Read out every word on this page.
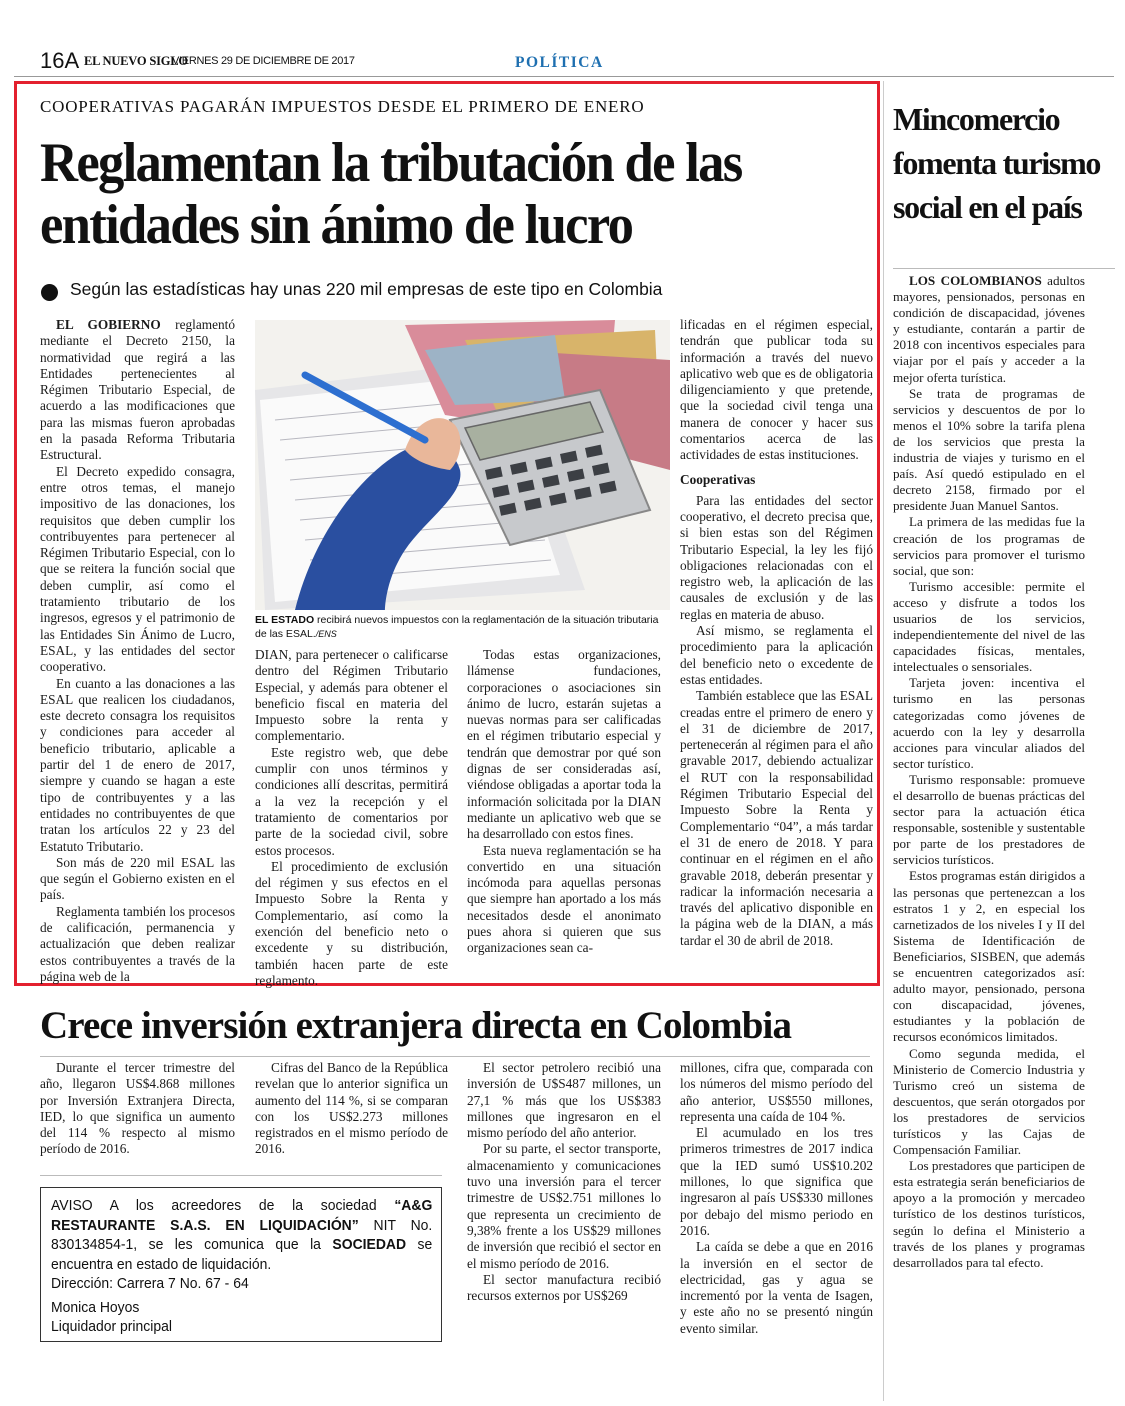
16A EL NUEVO SIGLO
VIERNES 29 DE DICIEMBRE DE 2017	POLÍTICA
COOPERATIVAS PAGARÁN IMPUESTOS DESDE EL PRIMERO DE ENERO
Reglamentan la tributación de las entidades sin ánimo de lucro
Según las estadísticas hay unas 220 mil empresas de este tipo en Colombia

EL GOBIERNO reglamentó mediante el Decreto 2150, la normatividad que regirá a las Entidades pertenecientes al Régimen Tributario Especial, de acuerdo a las modificaciones que para las mismas fueron aprobadas en la pasada Reforma Tributaria Estructural.

El Decreto expedido consagra, entre otros temas, el manejo impositivo de las donaciones, los requisitos que deben cumplir los contribuyentes para pertenecer al Régimen Tributario Especial, con lo que se reitera la función social que deben cumplir, así como el tratamiento tributario de los ingresos, egresos y el patrimonio de las Entidades Sin Ánimo de Lucro, ESAL, y las entidades del sector cooperativo.

En cuanto a las donaciones a las ESAL que realicen los ciudadanos, este decreto consagra los requisitos y condiciones para acceder al beneficio tributario, aplicable a partir del 1 de enero de 2017, siempre y cuando se hagan a este tipo de contribuyentes y a las entidades no contribuyentes de que tratan los artículos 22 y 23 del Estatuto Tributario.

Son más de 220 mil ESAL las que según el Gobierno existen en el país.

Reglamenta también los procesos de calificación, permanencia y actualización que deben realizar estos contribuyentes a través de la página web de la

EL ESTADO recibirá nuevos impuestos con la reglamentación de la situación tributaria de las ESAL./ENS

DIAN, para pertenecer o calificarse dentro del Régimen Tributario Especial, y además para obtener el beneficio fiscal en materia del Impuesto sobre la renta y complementario.

Este registro web, que debe cumplir con unos términos y condiciones allí descritas, permitirá a la vez la recepción y el tratamiento de comentarios por parte de la sociedad civil, sobre estos procesos.

El procedimiento de exclusión del régimen y sus efectos en el Impuesto Sobre la Renta y Complementario, así como la exención del beneficio neto o excedente y su distribución, también hacen parte de este reglamento.

Todas estas organizaciones, llámense fundaciones, corporaciones o asociaciones sin ánimo de lucro, estarán sujetas a nuevas normas para ser calificadas en el régimen tributario especial y tendrán que demostrar por qué son dignas de ser consideradas así, viéndose obligadas a aportar toda la información solicitada por la DIAN mediante un aplicativo web que se ha desarrollado con estos fines.

Esta nueva reglamentación se ha convertido en una situación incómoda para aquellas personas que siempre han aportado a los más necesitados desde el anonimato pues ahora si quieren que sus organizaciones sean ca-

lificadas en el régimen especial, tendrán que publicar toda su información a través del nuevo aplicativo web que es de obligatoria diligenciamiento y que pretende, que la sociedad civil tenga una manera de conocer y hacer sus comentarios acerca de las actividades de estas instituciones.

Cooperativas

Para las entidades del sector cooperativo, el decreto precisa que, si bien estas son del Régimen Tributario Especial, la ley les fijó obligaciones relacionadas con el registro web, la aplicación de las causales de exclusión y de las reglas en materia de abuso.

Así mismo, se reglamenta el procedimiento para la aplicación del beneficio neto o excedente de estas entidades.

También establece que las ESAL creadas entre el primero de enero y el 31 de diciembre de 2017, pertenecerán al régimen para el año gravable 2017, debiendo actualizar el RUT con la responsabilidad Régimen Tributario Especial del Impuesto Sobre la Renta y Complementario “04”, a más tardar el 31 de enero de 2018. Y para continuar en el régimen en el año gravable 2018, deberán presentar y radicar la información necesaria a través del aplicativo disponible en la página web de la DIAN, a más tardar el 30 de abril de 2018.

Mincomercio fomenta turismo social en el país

LOS COLOMBIANOS adultos mayores, pensionados, personas en condición de discapacidad, jóvenes y estudiante, contarán a partir de 2018 con incentivos especiales para viajar por el país y acceder a la mejor oferta turística.

Se trata de programas de servicios y descuentos de por lo menos el 10% sobre la tarifa plena de los servicios que presta la industria de viajes y turismo en el país. Así quedó estipulado en el decreto 2158, firmado por el presidente Juan Manuel Santos.

La primera de las medidas fue la creación de los programas de servicios para promover el turismo social, que son:

Turismo accesible: permite el acceso y disfrute a todos los usuarios de los servicios, independientemente del nivel de las capacidades físicas, mentales, intelectuales o sensoriales.

Tarjeta joven: incentiva el turismo en las personas categorizadas como jóvenes de acuerdo con la ley y desarrolla acciones para vincular aliados del sector turístico.

Turismo responsable: promueve el desarrollo de buenas prácticas del sector para la actuación ética responsable, sostenible y sustentable por parte de los prestadores de servicios turísticos.

Estos programas están dirigidos a las personas que pertenezcan a los estratos 1 y 2, en especial los carnetizados de los niveles I y II del Sistema de Identificación de Beneficiarios, SISBEN, que además se encuentren categorizados así: adulto mayor, pensionado, persona con discapacidad, jóvenes, estudiantes y la población de recursos económicos limitados.

Como segunda medida, el Ministerio de Comercio Industria y Turismo creó un sistema de descuentos, que serán otorgados por los prestadores de servicios turísticos y las Cajas de Compensación Familiar.

Los prestadores que participen de esta estrategia serán beneficiarios de apoyo a la promoción y mercadeo turístico de los destinos turísticos, según lo defina el Ministerio a través de los planes y programas desarrollados para tal efecto.

Crece inversión extranjera directa en Colombia

Durante el tercer trimestre del año, llegaron US$4.868 millones por Inversión Extranjera Directa, IED, lo que significa un aumento del 114 % respecto al mismo período de 2016.

Cifras del Banco de la República revelan que lo anterior significa un aumento del 114 %, si se comparan con los US$2.273 millones registrados en el mismo período de 2016.

El sector petrolero recibió una inversión de U$S487 millones, un 27,1 % más que los US$383 millones que ingresaron en el mismo período del año anterior.

Por su parte, el sector transporte, almacenamiento y comunicaciones tuvo una inversión para el tercer trimestre de US$2.751 millones lo que representa un crecimiento de 9,38% frente a los US$29 millones de inversión que recibió el sector en el mismo período de 2016.

El sector manufactura recibió recursos externos por US$269

millones, cifra que, comparada con los números del mismo período del año anterior, US$550 millones, representa una caída de 104 %.

El acumulado en los tres primeros trimestres de 2017 indica que la IED sumó US$10.202 millones, lo que significa que ingresaron al país US$330 millones por debajo del mismo periodo en 2016.

La caída se debe a que en 2016 la inversión en el sector de electricidad, gas y agua se incrementó por la venta de Isagen, y este año no se presentó ningún evento similar.

AVISO A los acreedores de la sociedad “A&G RESTAURANTE S.A.S. EN LIQUIDACIÓN” NIT No. 830134854-1, se les comunica que la SOCIEDAD se encuentra en estado de liquidación.
Dirección: Carrera 7 No. 67 - 64
Monica Hoyos
Liquidador principal
